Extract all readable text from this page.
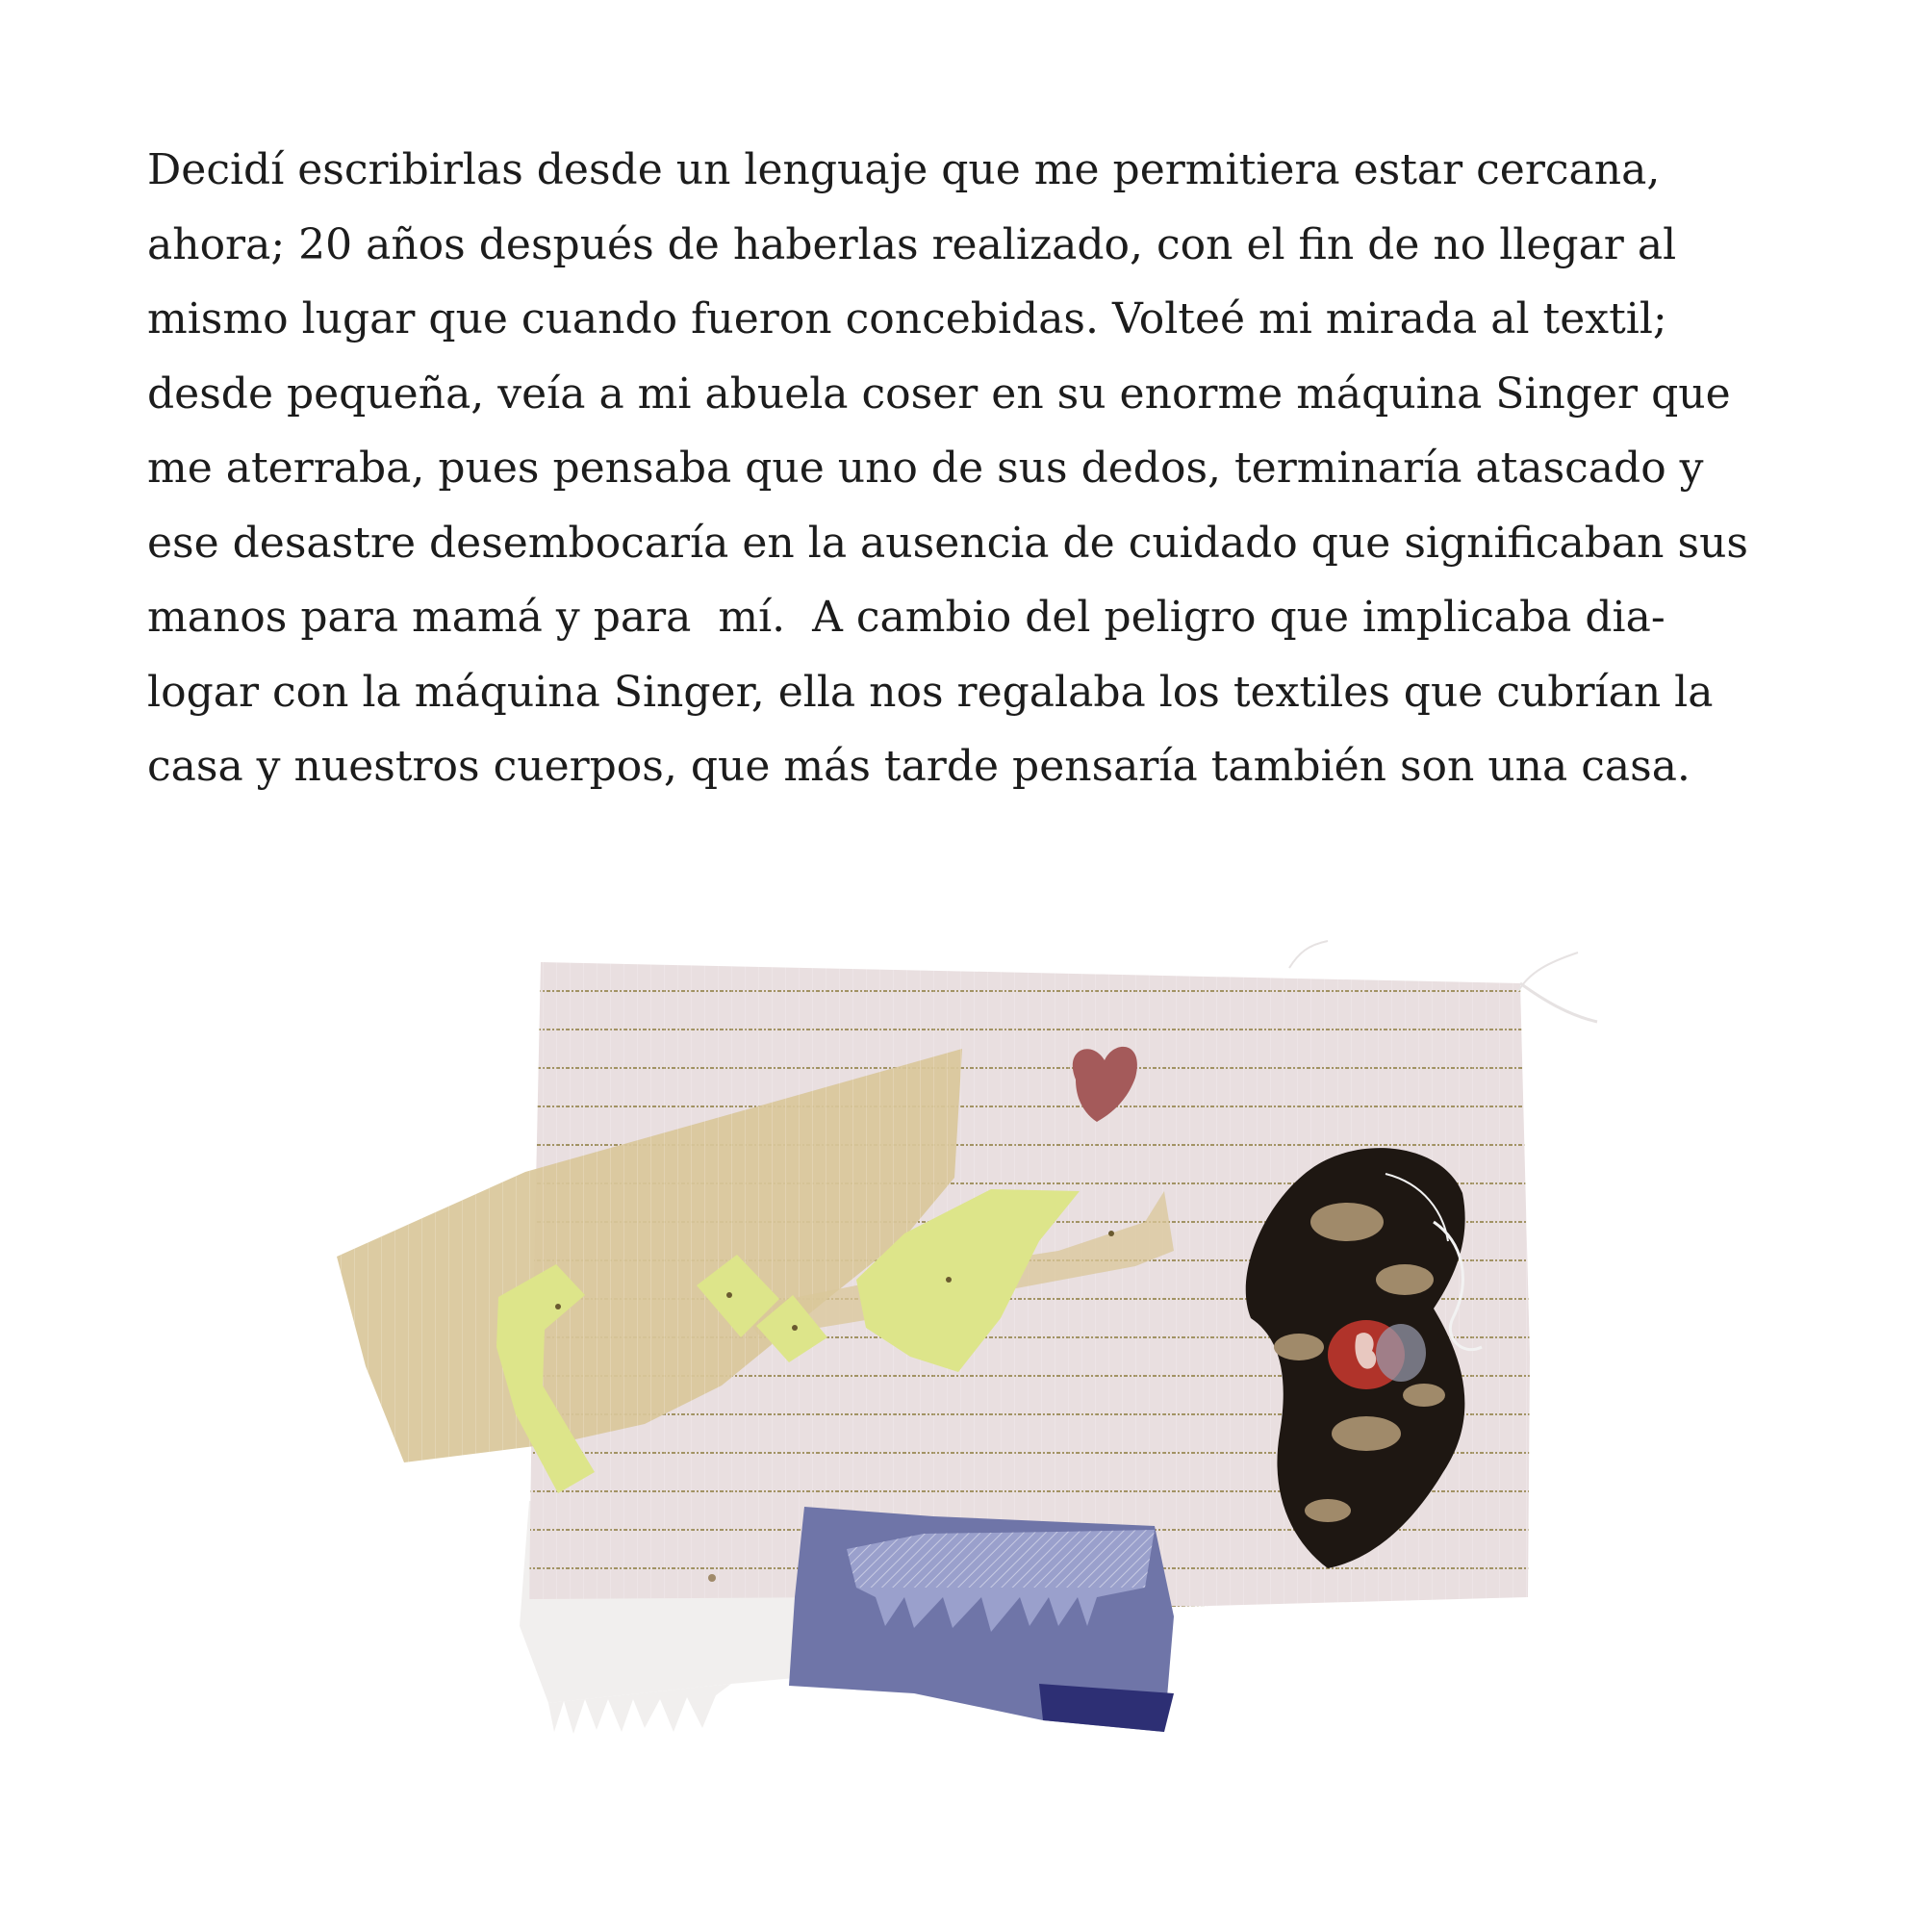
Decidí escribirlas desde un lenguaje que me permitiera estar cercana,
ahora; 20 años después de haberlas realizado, con el fin de no llegar al
mismo lugar que cuando fueron concebidas. Volteé mi mirada al textil;
desde pequeña, veía a mi abuela coser en su enorme máquina Singer que
me aterraba, pues pensaba que uno de sus dedos, terminaría atascado y
ese desastre desembocaría en la ausencia de cuidado que significaban sus
manos para mamá y para  mí.  A cambio del peligro que implicaba dia-
logar con la máquina Singer, ella nos regalaba los textiles que cubrían la
casa y nuestros cuerpos, que más tarde pensaría también son una casa.
